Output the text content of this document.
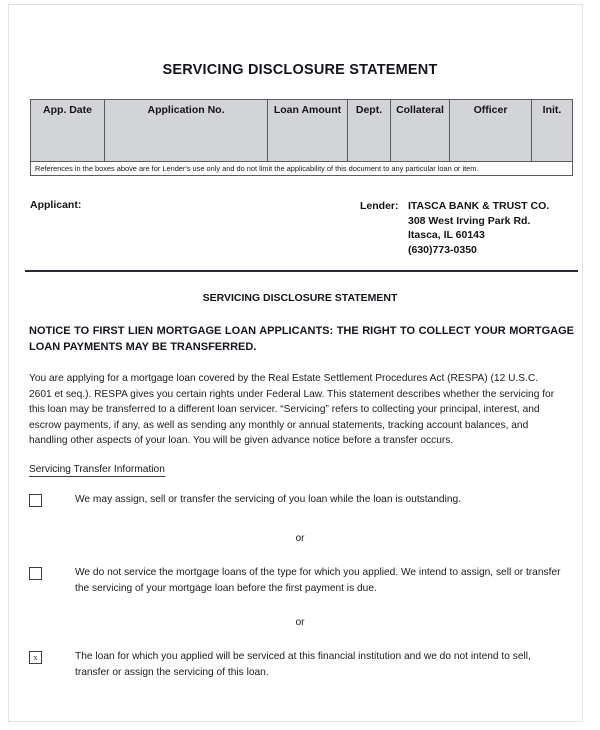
SERVICING DISCLOSURE STATEMENT
App. Date	Application No.	Loan Amount	Dept.	Collateral	Officer	Init.

References in the boxes above are for Lender's use only and do not limit the applicability of this document to any particular loan or item.						
Applicant:	Lender: ITASCA BANK & TRUST CO.
308 West Irving Park Rd.
Itasca, IL 60143
(630)773-0350
SERVICING DISCLOSURE STATEMENT
NOTICE TO FIRST LIEN MORTGAGE LOAN APPLICANTS: THE RIGHT TO COLLECT YOUR MORTGAGE
LOAN PAYMENTS MAY BE TRANSFERRED.
You are applying for a mortgage loan covered by the Real Estate Settlement Procedures Act (RESPA) (12 U.S.C.
2601 et seq.). RESPA gives you certain rights under Federal Law. This statement describes whether the servicing for
this loan may be transferred to a different loan servicer. “Servicing” refers to collecting your principal, interest, and
escrow payments, if any, as well as sending any monthly or annual statements, tracking account balances, and
handling other aspects of your loan. You will be given advance notice before a transfer occurs.
Servicing Transfer Information
We may assign, sell or transfer the servicing of you loan while the loan is outstanding.
or
We do not service the mortgage loans of the type for which you applied. We intend to assign, sell or transfer
the servicing of your mortgage loan before the first payment is due.
or
x	The loan for which you applied will be serviced at this financial institution and we do not intend to sell,
transfer or assign the servicing of this loan.
